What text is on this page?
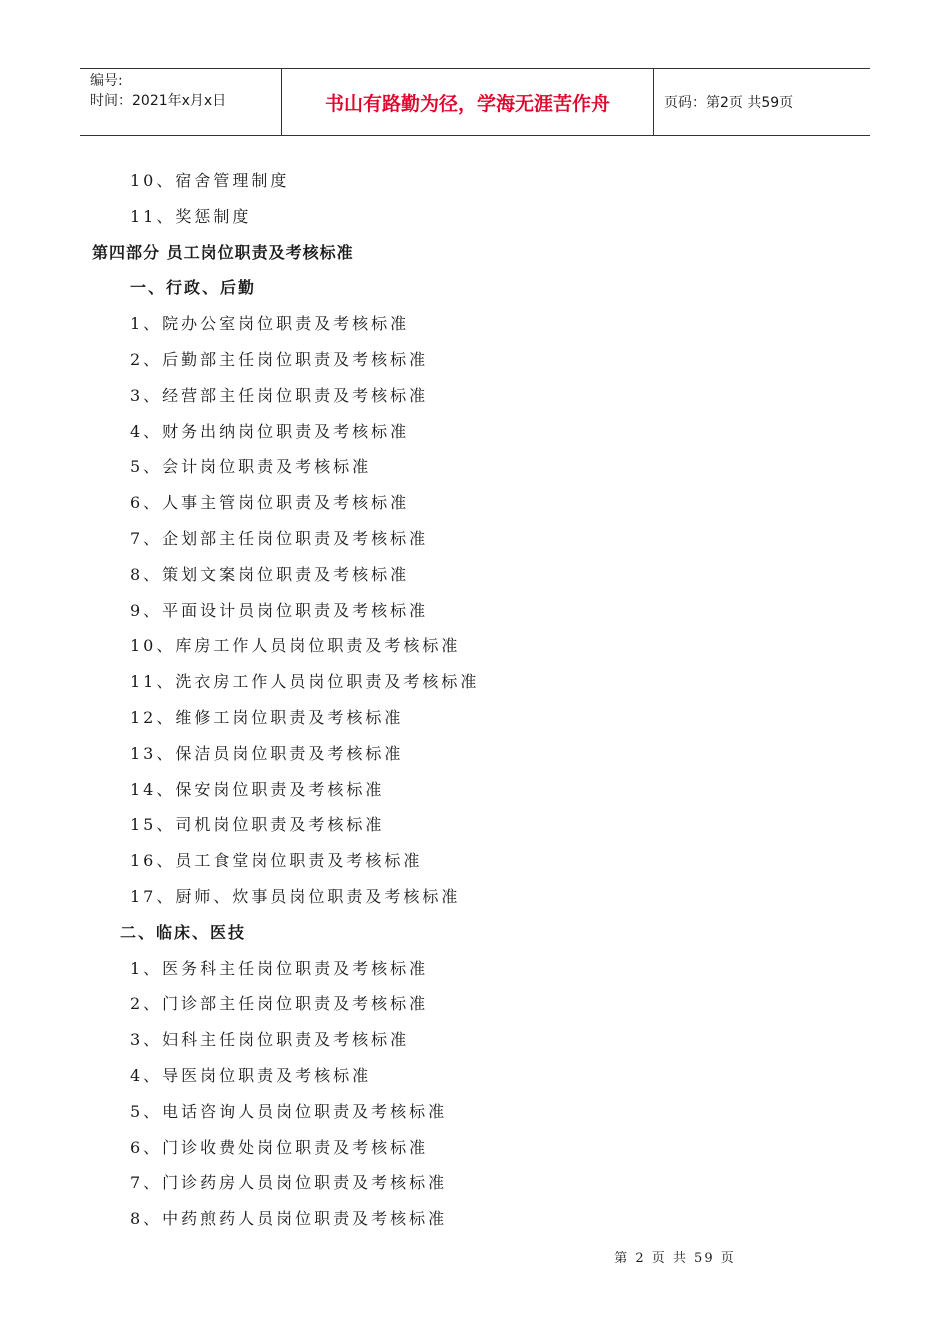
编号:
时间：2021年x月x日	书山有路勤为径，学海无涯苦作舟	页码：第2页 共59页
10、宿舍管理制度
11、奖惩制度
第四部分 员工岗位职责及考核标准
一、行政、后勤
1、院办公室岗位职责及考核标准
2、后勤部主任岗位职责及考核标准
3、经营部主任岗位职责及考核标准
4、财务出纳岗位职责及考核标准
5、会计岗位职责及考核标准
6、人事主管岗位职责及考核标准
7、企划部主任岗位职责及考核标准
8、策划文案岗位职责及考核标准
9、平面设计员岗位职责及考核标准
10、库房工作人员岗位职责及考核标准
11、洗衣房工作人员岗位职责及考核标准
12、维修工岗位职责及考核标准
13、保洁员岗位职责及考核标准
14、保安岗位职责及考核标准
15、司机岗位职责及考核标准
16、员工食堂岗位职责及考核标准
17、厨师、炊事员岗位职责及考核标准
二、临床、医技
1、医务科主任岗位职责及考核标准
2、门诊部主任岗位职责及考核标准
3、妇科主任岗位职责及考核标准
4、导医岗位职责及考核标准
5、电话咨询人员岗位职责及考核标准
6、门诊收费处岗位职责及考核标准
7、门诊药房人员岗位职责及考核标准
8、中药煎药人员岗位职责及考核标准
第 2 页 共 59 页
